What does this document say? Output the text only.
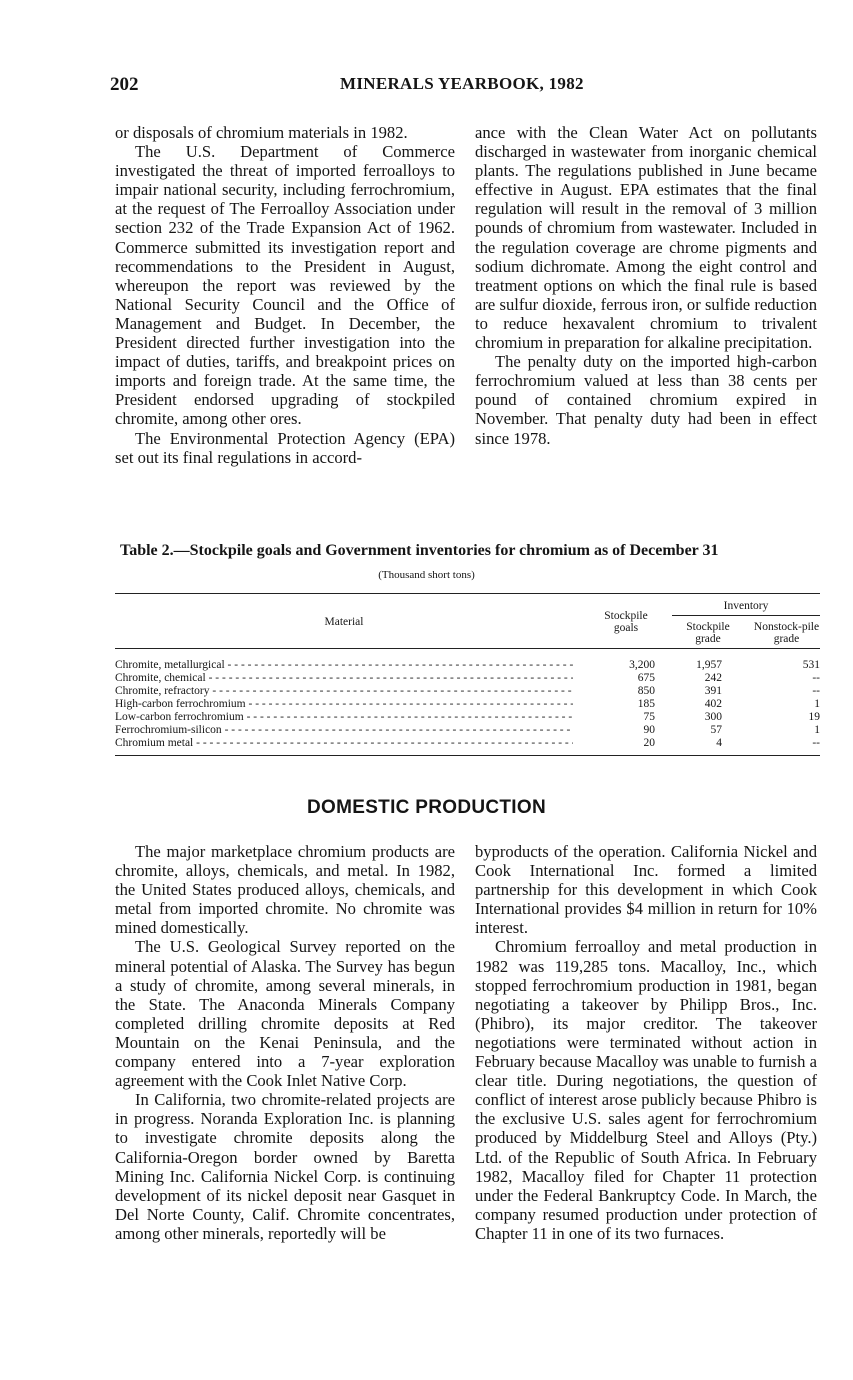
202	MINERALS YEARBOOK, 1982

or disposals of chromium materials in 1982.

The U.S. Department of Commerce investigated the threat of imported ferroalloys to impair national security, including ferrochromium, at the request of The Ferroalloy Association under section 232 of the Trade Expansion Act of 1962. Commerce submitted its investigation report and recommendations to the President in August, whereupon the report was reviewed by the National Security Council and the Office of Management and Budget. In December, the President directed further investigation into the impact of duties, tariffs, and breakpoint prices on imports and foreign trade. At the same time, the President endorsed upgrading of stockpiled chromite, among other ores.

The Environmental Protection Agency (EPA) set out its final regulations in accord-

ance with the Clean Water Act on pollutants discharged in wastewater from inorganic chemical plants. The regulations published in June became effective in August. EPA estimates that the final regulation will result in the removal of 3 million pounds of chromium from wastewater. Included in the regulation coverage are chrome pigments and sodium dichromate. Among the eight control and treatment options on which the final rule is based are sulfur dioxide, ferrous iron, or sulfide reduction to reduce hexavalent chromium to trivalent chromium in preparation for alkaline precipitation.

The penalty duty on the imported high-carbon ferrochromium valued at less than 38 cents per pound of contained chromium expired in November. That penalty duty had been in effect since 1978.

Table 2.—Stockpile goals and Government inventories for chromium as of December 31
(Thousand short tons)
Material	Stockpile goals
Inventory
Stockpile grade
Nonstock-pile grade
Chromite, metallurgical - - -	3,200	1,957	531
Chromite, chemical - - -	675	242	--
Chromite, refractory - - -	850	391	--
High-carbon ferrochromium - - -	185	402	1
Low-carbon ferrochromium - - -	75	300	19
Ferrochromium-silicon - - -	90	57	1
Chromium metal - - -	20	4	--
DOMESTIC PRODUCTION

The major marketplace chromium products are chromite, alloys, chemicals, and metal. In 1982, the United States produced alloys, chemicals, and metal from imported chromite. No chromite was mined domestically.

The U.S. Geological Survey reported on the mineral potential of Alaska. The Survey has begun a study of chromite, among several minerals, in the State. The Anaconda Minerals Company completed drilling chromite deposits at Red Mountain on the Kenai Peninsula, and the company entered into a 7-year exploration agreement with the Cook Inlet Native Corp.

In California, two chromite-related projects are in progress. Noranda Exploration Inc. is planning to investigate chromite deposits along the California-Oregon border owned by Baretta Mining Inc. California Nickel Corp. is continuing development of its nickel deposit near Gasquet in Del Norte County, Calif. Chromite concentrates, among other minerals, reportedly will be

byproducts of the operation. California Nickel and Cook International Inc. formed a limited partnership for this development in which Cook International provides $4 million in return for 10% interest.

Chromium ferroalloy and metal production in 1982 was 119,285 tons. Macalloy, Inc., which stopped ferrochromium production in 1981, began negotiating a takeover by Philipp Bros., Inc. (Phibro), its major creditor. The takeover negotiations were terminated without action in February because Macalloy was unable to furnish a clear title. During negotiations, the question of conflict of interest arose publicly because Phibro is the exclusive U.S. sales agent for ferrochromium produced by Middelburg Steel and Alloys (Pty.) Ltd. of the Republic of South Africa. In February 1982, Macalloy filed for Chapter 11 protection under the Federal Bankruptcy Code. In March, the company resumed production under protection of Chapter 11 in one of its two furnaces.
